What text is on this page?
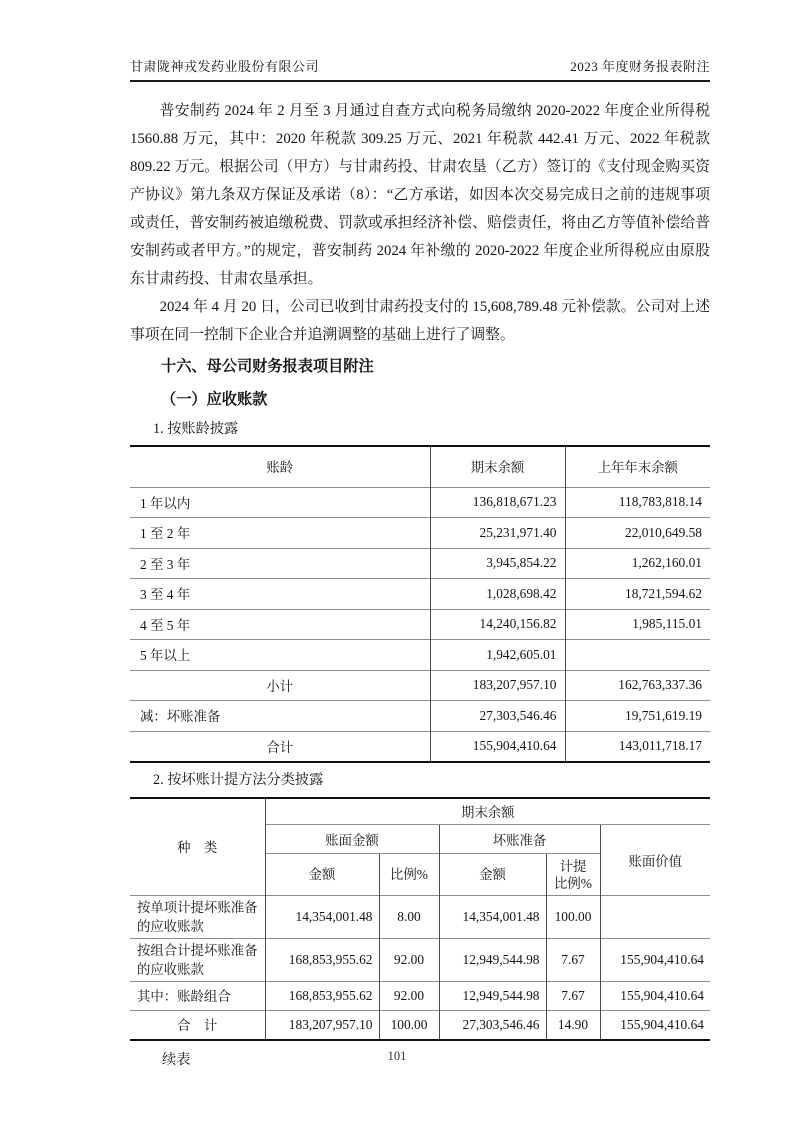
甘肃陇神戎发药业股份有限公司	2023 年度财务报表附注

普安制药 2024 年 2 月至 3 月通过自查方式向税务局缴纳 2020-2022 年度企业所得税 1560.88 万元，其中：2020 年税款 309.25 万元、2021 年税款 442.41 万元、2022 年税款 809.22 万元。根据公司（甲方）与甘肃药投、甘肃农垦（乙方）签订的《支付现金购买资产协议》第九条双方保证及承诺（8）：“乙方承诺，如因本次交易完成日之前的违规事项或责任，普安制药被追缴税费、罚款或承担经济补偿、赔偿责任，将由乙方等值补偿给普安制药或者甲方。”的规定，普安制药 2024 年补缴的 2020-2022 年度企业所得税应由原股东甘肃药投、甘肃农垦承担。

2024 年 4 月 20 日，公司已收到甘肃药投支付的 15,608,789.48 元补偿款。公司对上述事项在同一控制下企业合并追溯调整的基础上进行了调整。

十六、母公司财务报表项目附注
（一）应收账款
1. 按账龄披露
账龄	期末余额	上年年末余额
1 年以内	136,818,671.23	118,783,818.14
1 至 2 年	25,231,971.40	22,010,649.58
2 至 3 年	3,945,854.22	1,262,160.01
3 至 4 年	1,028,698.42	18,721,594.62
4 至 5 年	14,240,156.82	1,985,115.01
5 年以上	1,942,605.01	
小计	183,207,957.10	162,763,337.36
减：坏账准备	27,303,546.46	19,751,619.19
合计	155,904,410.64	143,011,718.17
2. 按坏账计提方法分类披露
种　类	期末余额				
	账面金额		坏账准备		账面价值
	金额	比例%	金额	计提
比例%	
按单项计提坏账准备的应收账款	14,354,001.48	8.00	14,354,001.48	100.00	
按组合计提坏账准备的应收账款	168,853,955.62	92.00	12,949,544.98	7.67	155,904,410.64
其中：账龄组合	168,853,955.62	92.00	12,949,544.98	7.67	155,904,410.64
合　计	183,207,957.10	100.00	27,303,546.46	14.90	155,904,410.64
续表	101
